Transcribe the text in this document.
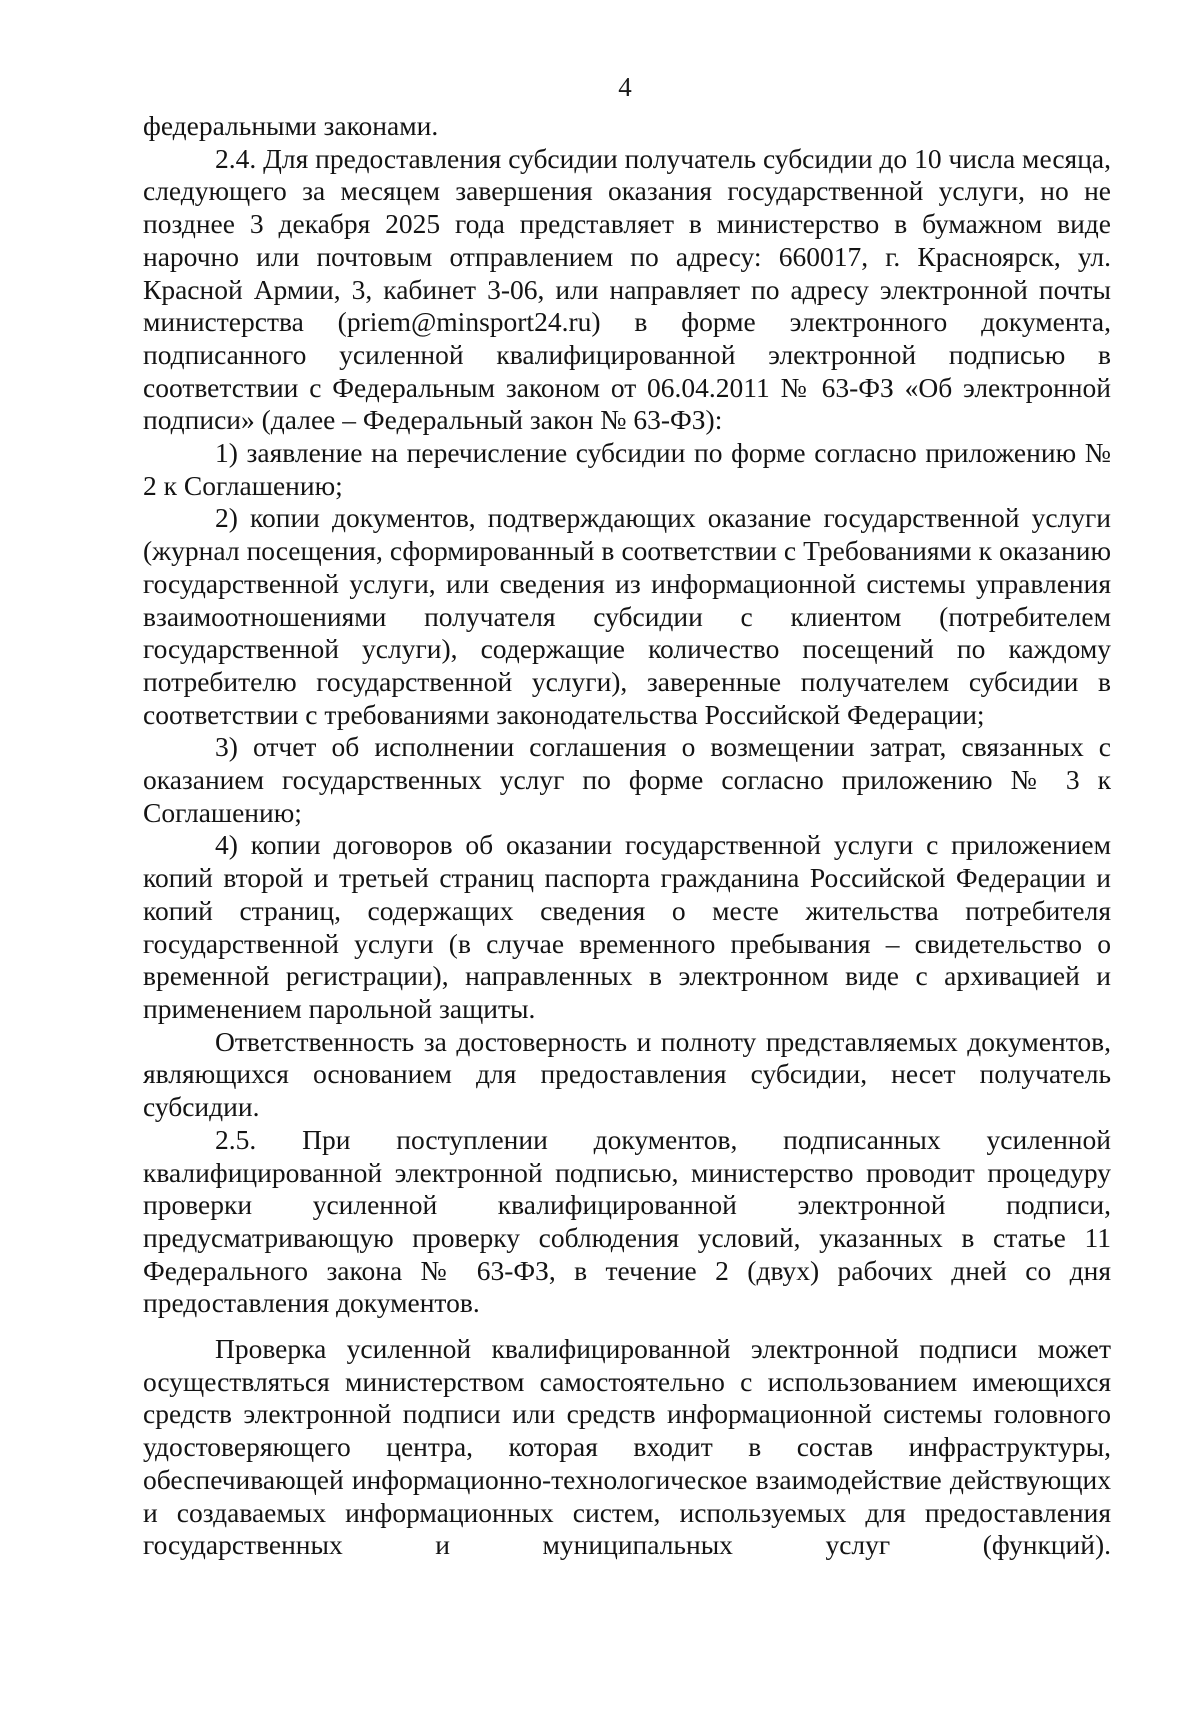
4

федеральными законами.

2.4. Для предоставления субсидии получатель субсидии до 10 числа месяца, следующего за месяцем завершения оказания государственной услуги, но не позднее 3 декабря 2025 года представляет в министерство в бумажном виде нарочно или почтовым отправлением по адресу: 660017, г. Красноярск, ул. Красной Армии, 3, кабинет 3-06, или направляет по адресу электронной почты министерства (priem@minsport24.ru) в форме электронного документа, подписанного усиленной квалифицированной электронной подписью в соответствии с Федеральным законом от 06.04.2011 № 63-ФЗ «Об электронной подписи» (далее – Федеральный закон № 63-ФЗ):

1) заявление на перечисление субсидии по форме согласно приложению № 2 к Соглашению;

2) копии документов, подтверждающих оказание государственной услуги (журнал посещения, сформированный в соответствии с Требованиями к оказанию государственной услуги, или сведения из информационной системы управления взаимоотношениями получателя субсидии с клиентом (потребителем государственной услуги), содержащие количество посещений по каждому потребителю государственной услуги), заверенные получателем субсидии в соответствии с требованиями законодательства Российской Федерации;

3) отчет об исполнении соглашения о возмещении затрат, связанных с оказанием государственных услуг по форме согласно приложению № 3 к Соглашению;

4) копии договоров об оказании государственной услуги с приложением копий второй и третьей страниц паспорта гражданина Российской Федерации и копий страниц, содержащих сведения о месте жительства потребителя государственной услуги (в случае временного пребывания – свидетельство о временной регистрации), направленных в электронном виде с архивацией и применением парольной защиты.

Ответственность за достоверность и полноту представляемых документов, являющихся основанием для предоставления субсидии, несет получатель субсидии.

2.5. При поступлении документов, подписанных усиленной квалифицированной электронной подписью, министерство проводит процедуру проверки усиленной квалифицированной электронной подписи, предусматривающую проверку соблюдения условий, указанных в статье 11 Федерального закона № 63-ФЗ, в течение 2 (двух) рабочих дней со дня предоставления документов.

Проверка усиленной квалифицированной электронной подписи может осуществляться министерством самостоятельно с использованием имеющихся средств электронной подписи или средств информационной системы головного удостоверяющего центра, которая входит в состав инфраструктуры, обеспечивающей информационно-технологическое взаимодействие действующих и создаваемых информационных систем, используемых для предоставления государственных и муниципальных услуг (функций).
